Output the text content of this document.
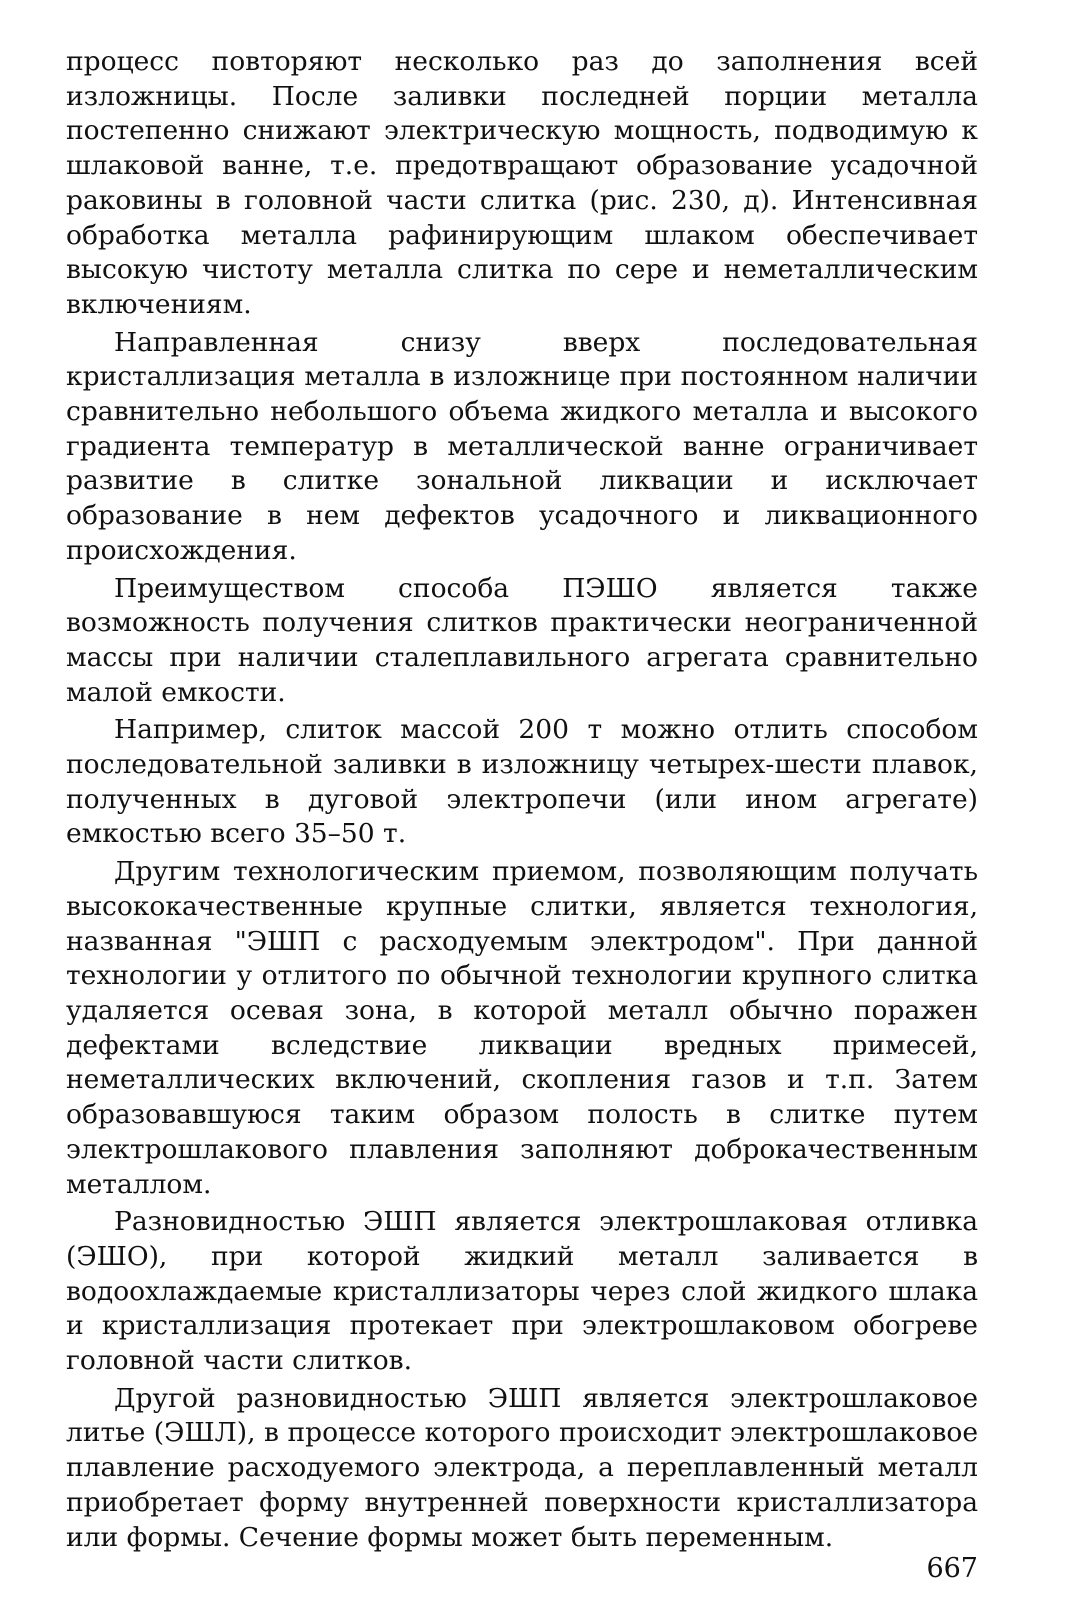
процесс повторяют несколько раз до заполнения всей изложницы. После заливки последней порции металла постепенно снижают электрическую мощность, подводимую к шлаковой ванне, т.е. предотвращают образование усадочной раковины в головной части слитка (рис. 230, д). Интенсивная обработка металла рафинирующим шлаком обеспечивает высокую чистоту металла слитка по сере и неметаллическим включениям.

Направленная снизу вверх последовательная кристаллизация металла в изложнице при постоянном наличии сравнительно небольшого объема жидкого металла и высокого градиента температур в металлической ванне ограничивает развитие в слитке зональной ликвации и исключает образование в нем дефектов усадочного и ликвационного происхождения.

Преимуществом способа ПЭШО является также возможность получения слитков практически неограниченной массы при наличии сталеплавильного агрегата сравнительно малой емкости.

Например, слиток массой 200 т можно отлить способом последовательной заливки в изложницу четырех-шести плавок, полученных в дуговой электропечи (или ином агрегате) емкостью всего 35–50 т.

Другим технологическим приемом, позволяющим получать высококачественные крупные слитки, является технология, названная "ЭШП с расходуемым электродом". При данной технологии у отлитого по обычной технологии крупного слитка удаляется осевая зона, в которой металл обычно поражен дефектами вследствие ликвации вредных примесей, неметаллических включений, скопления газов и т.п. Затем образовавшуюся таким образом полость в слитке путем электрошлакового плавления заполняют доброкачественным металлом.

Разновидностью ЭШП является электрошлаковая отливка (ЭШО), при которой жидкий металл заливается в водоохлаждаемые кристаллизаторы через слой жидкого шлака и кристаллизация протекает при электрошлаковом обогреве головной части слитков.

Другой разновидностью ЭШП является электрошлаковое литье (ЭШЛ), в процессе которого происходит электрошлаковое плавление расходуемого электрода, а переплавленный металл приобретает форму внутренней поверхности кристаллизатора или формы. Сечение формы может быть переменным.

667
